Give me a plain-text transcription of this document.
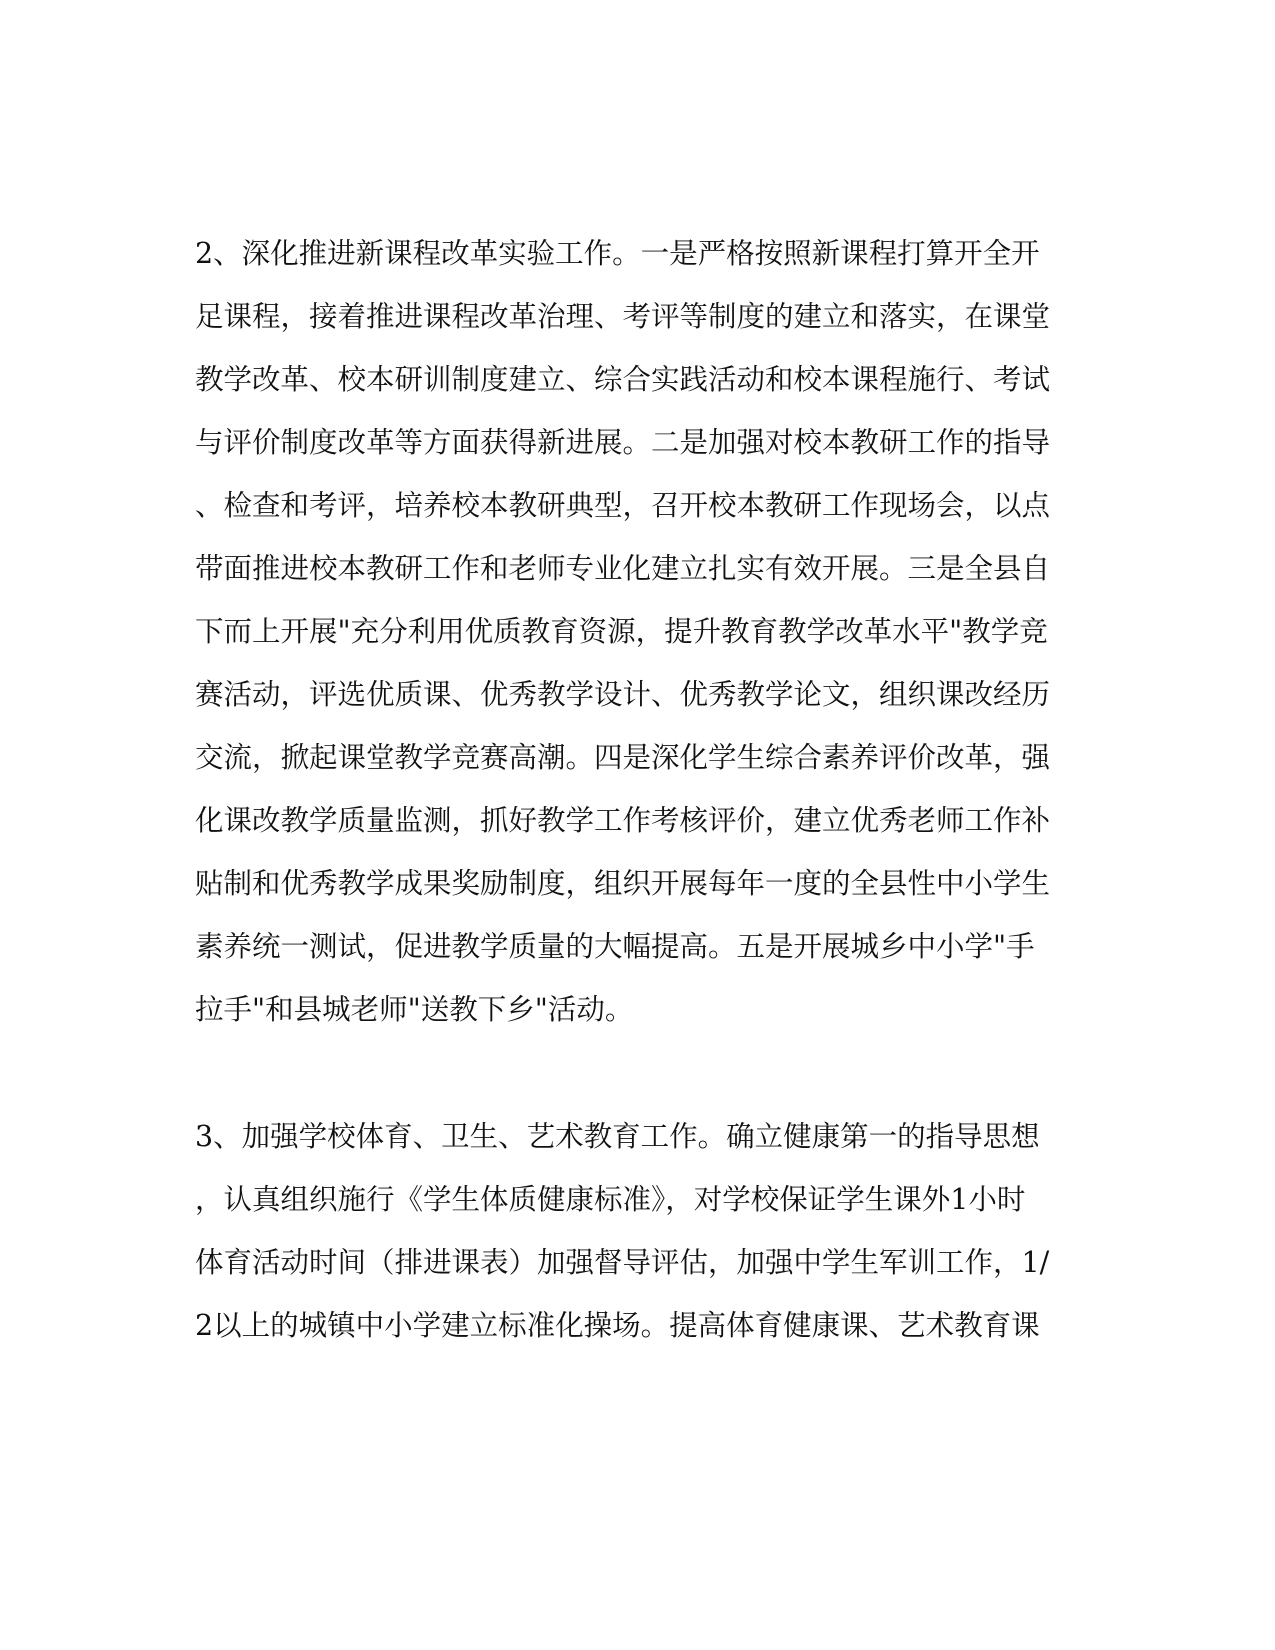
2、深化推进新课程改革实验工作。一是严格按照新课程打算开全开
足课程，接着推进课程改革治理、考评等制度的建立和落实，在课堂
教学改革、校本研训制度建立、综合实践活动和校本课程施行、考试
与评价制度改革等方面获得新进展。二是加强对校本教研工作的指导
、检查和考评，培养校本教研典型，召开校本教研工作现场会，以点
带面推进校本教研工作和老师专业化建立扎实有效开展。三是全县自
下而上开展"充分利用优质教育资源，提升教育教学改革水平"教学竞
赛活动，评选优质课、优秀教学设计、优秀教学论文，组织课改经历
交流，掀起课堂教学竞赛高潮。四是深化学生综合素养评价改革，强
化课改教学质量监测，抓好教学工作考核评价，建立优秀老师工作补
贴制和优秀教学成果奖励制度，组织开展每年一度的全县性中小学生
素养统一测试，促进教学质量的大幅提高。五是开展城乡中小学"手
拉手"和县城老师"送教下乡"活动。
3、加强学校体育、卫生、艺术教育工作。确立健康第一的指导思想
，认真组织施行《学生体质健康标准》，对学校保证学生课外1小时
体育活动时间（排进课表）加强督导评估，加强中学生军训工作，1/
2以上的城镇中小学建立标准化操场。提高体育健康课、艺术教育课
